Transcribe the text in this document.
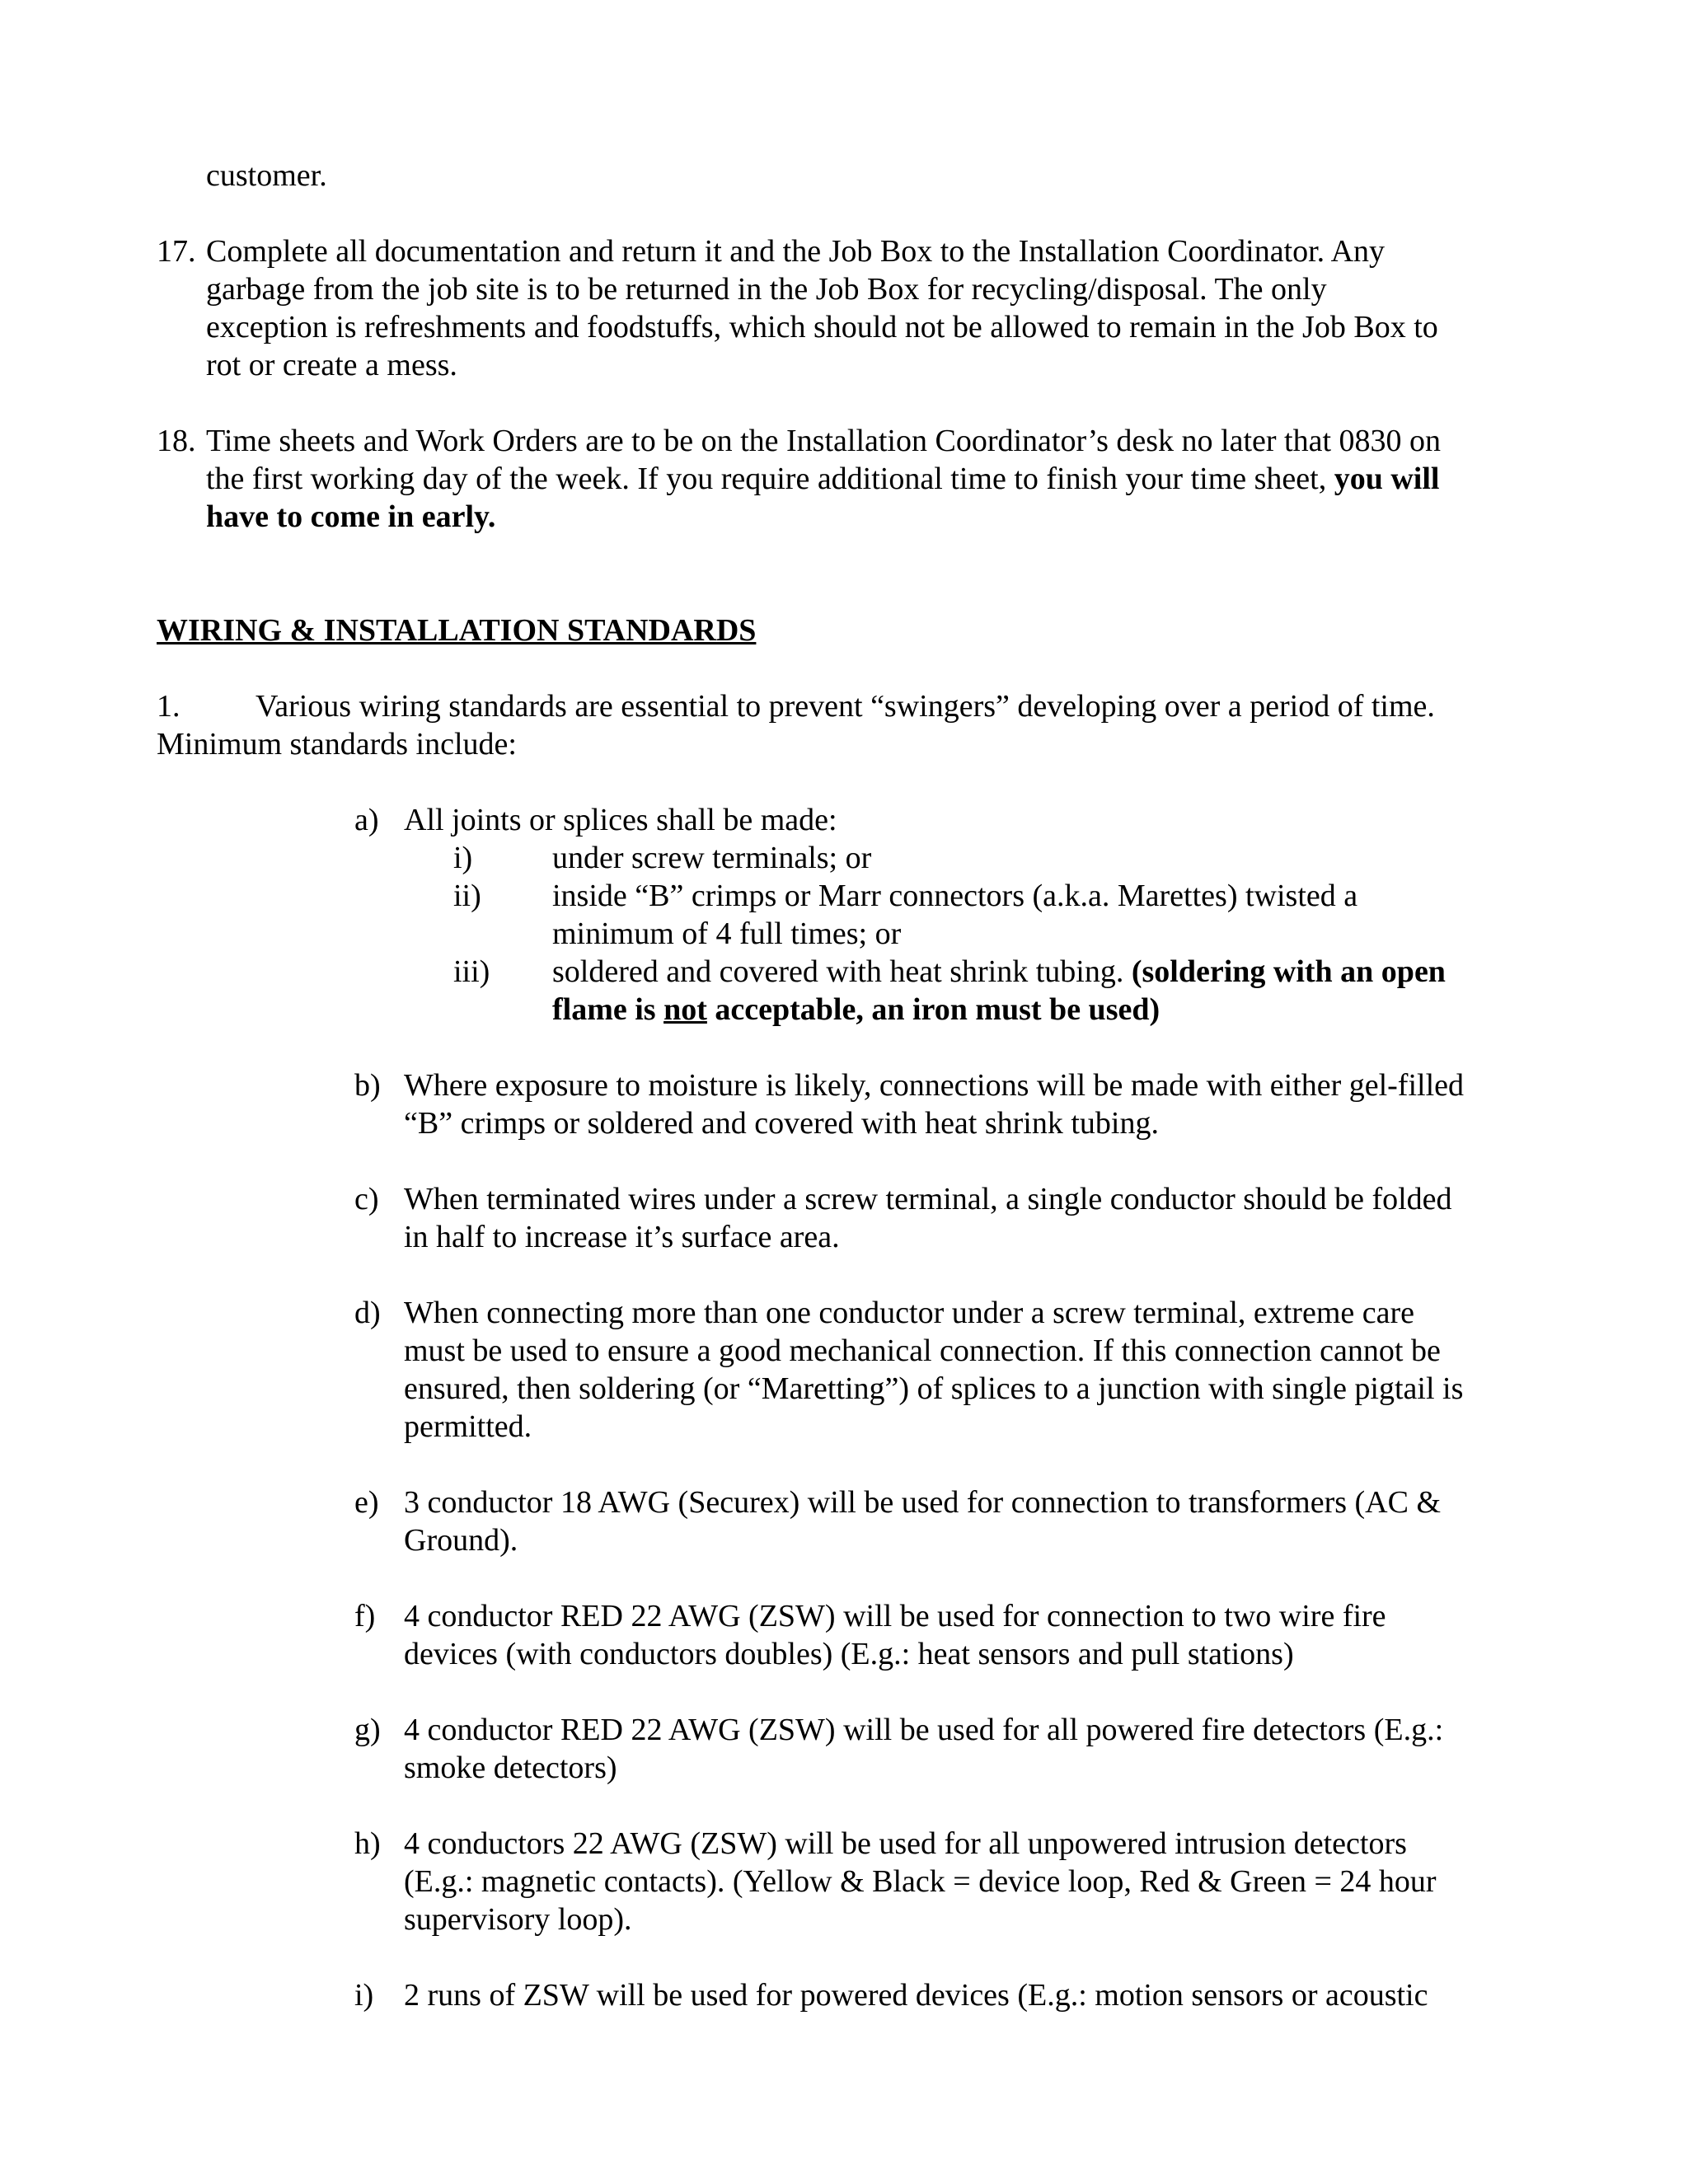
customer.
17. Complete all documentation and return it and the Job Box to the Installation Coordinator. Any
garbage from the job site is to be returned in the Job Box for recycling/disposal. The only
exception is refreshments and foodstuffs, which should not be allowed to remain in the Job Box to
rot or create a mess.
18. Time sheets and Work Orders are to be on the Installation Coordinator’s desk no later that 0830 on
the first working day of the week. If you require additional time to finish your time sheet, you will
have to come in early.
WIRING & INSTALLATION STANDARDS
1. Various wiring standards are essential to prevent “swingers” developing over a period of time.
Minimum standards include:
a) All joints or splices shall be made:
i)	under screw terminals; or
ii) inside “B” crimps or Marr connectors (a.k.a. Marettes) twisted a
minimum of 4 full times; or
iii) soldered and covered with heat shrink tubing. (soldering with an open
flame is not acceptable, an iron must be used)
b) Where exposure to moisture is likely, connections will be made with either gel-filled
“B” crimps or soldered and covered with heat shrink tubing.
c) When terminated wires under a screw terminal, a single conductor should be folded
in half to increase it’s surface area.
d) When connecting more than one conductor under a screw terminal, extreme care
must be used to ensure a good mechanical connection. If this connection cannot be
ensured, then soldering (or “Maretting”) of splices to a junction with single pigtail is
permitted.
e) 3 conductor 18 AWG (Securex) will be used for connection to transformers (AC &
Ground).
f) 4 conductor RED 22 AWG (ZSW) will be used for connection to two wire fire
devices (with conductors doubles) (E.g.: heat sensors and pull stations)
g) 4 conductor RED 22 AWG (ZSW) will be used for all powered fire detectors (E.g.:
smoke detectors)
h) 4 conductors 22 AWG (ZSW) will be used for all unpowered intrusion detectors
(E.g.: magnetic contacts). (Yellow & Black = device loop, Red & Green = 24 hour
supervisory loop).
i) 2 runs of ZSW will be used for powered devices (E.g.: motion sensors or acoustic
